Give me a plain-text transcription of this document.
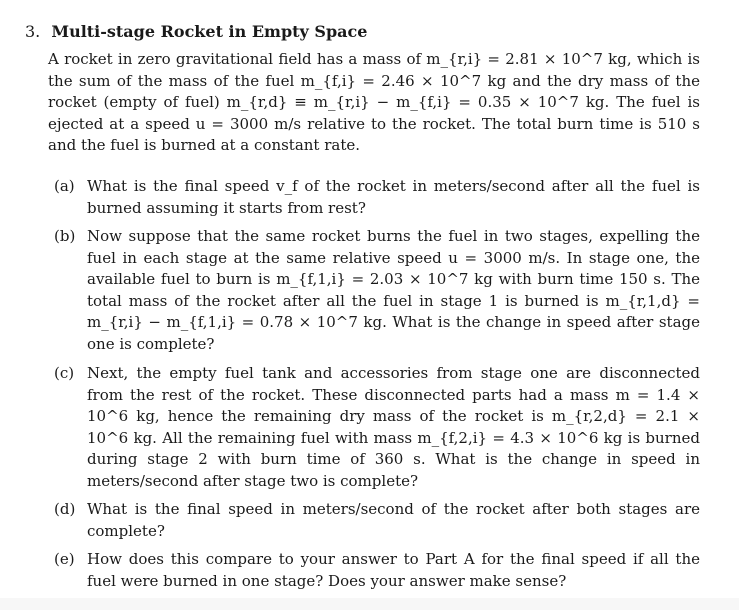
3. Multi-stage Rocket in Empty Space
A rocket in zero gravitational field has a mass of m_{r,i} = 2.81 × 10^7 kg, which is the sum of the mass of the fuel m_{f,i} = 2.46 × 10^7 kg and the dry mass of the rocket (empty of fuel) m_{r,d} ≡ m_{r,i} − m_{f,i} = 0.35 × 10^7 kg. The fuel is ejected at a speed u = 3000 m/s relative to the rocket. The total burn time is 510 s and the fuel is burned at a constant rate.
(a) What is the final speed v_f of the rocket in meters/second after all the fuel is burned assuming it starts from rest?
(b) Now suppose that the same rocket burns the fuel in two stages, expelling the fuel in each stage at the same relative speed u = 3000 m/s. In stage one, the available fuel to burn is m_{f,1,i} = 2.03 × 10^7 kg with burn time 150 s. The total mass of the rocket after all the fuel in stage 1 is burned is m_{r,1,d} = m_{r,i} − m_{f,1,i} = 0.78 × 10^7 kg. What is the change in speed after stage one is complete?
(c) Next, the empty fuel tank and accessories from stage one are disconnected from the rest of the rocket. These disconnected parts had a mass m = 1.4 × 10^6 kg, hence the remaining dry mass of the rocket is m_{r,2,d} = 2.1 × 10^6 kg. All the remaining fuel with mass m_{f,2,i} = 4.3 × 10^6 kg is burned during stage 2 with burn time of 360 s. What is the change in speed in meters/second after stage two is complete?
(d) What is the final speed in meters/second of the rocket after both stages are complete?
(e) How does this compare to your answer to Part A for the final speed if all the fuel were burned in one stage? Does your answer make sense?
